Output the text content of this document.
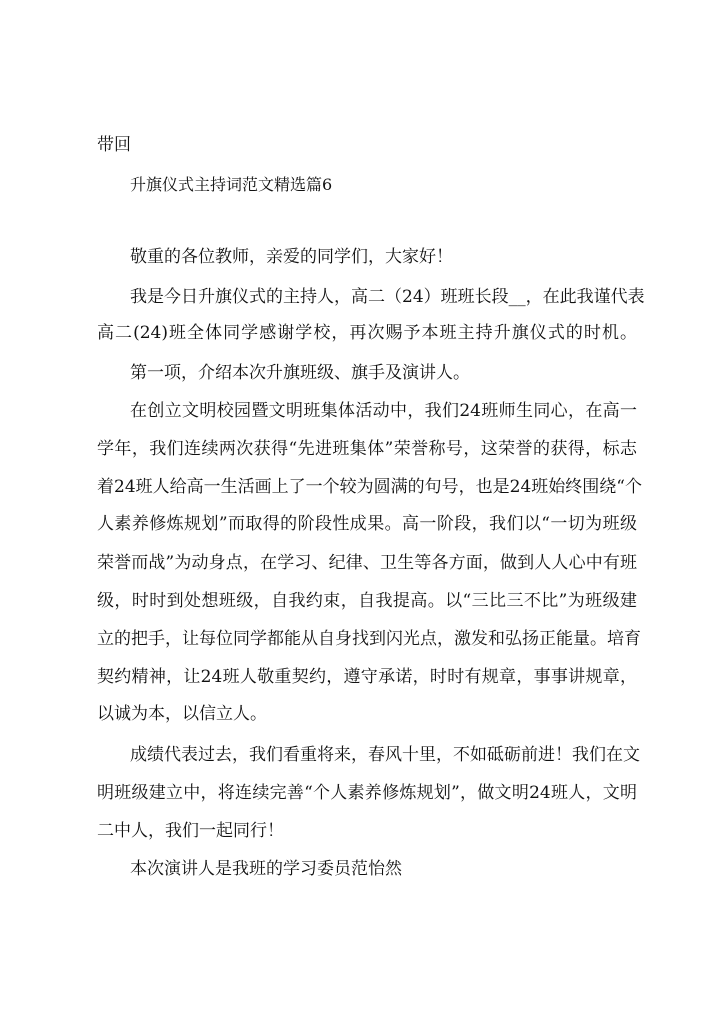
带回
升旗仪式主持词范文精选篇6
敬重的各位教师，亲爱的同学们，大家好！
我是今日升旗仪式的主持人，高二（24）班班长段__，在此我谨代表
高二(24)班全体同学感谢学校，再次赐予本班主持升旗仪式的时机。
第一项，介绍本次升旗班级、旗手及演讲人。
在创立文明校园暨文明班集体活动中，我们24班师生同心，在高一
学年，我们连续两次获得“先进班集体”荣誉称号，这荣誉的获得，标志
着24班人给高一生活画上了一个较为圆满的句号，也是24班始终围绕“个
人素养修炼规划”而取得的阶段性成果。高一阶段，我们以“一切为班级
荣誉而战”为动身点，在学习、纪律、卫生等各方面，做到人人心中有班
级，时时到处想班级，自我约束，自我提高。以“三比三不比”为班级建
立的把手，让每位同学都能从自身找到闪光点，激发和弘扬正能量。培育
契约精神，让24班人敬重契约，遵守承诺，时时有规章，事事讲规章，
以诚为本，以信立人。
成绩代表过去，我们看重将来，春风十里，不如砥砺前进！我们在文
明班级建立中，将连续完善“个人素养修炼规划”，做文明24班人，文明
二中人，我们一起同行！
本次演讲人是我班的学习委员范怡然
